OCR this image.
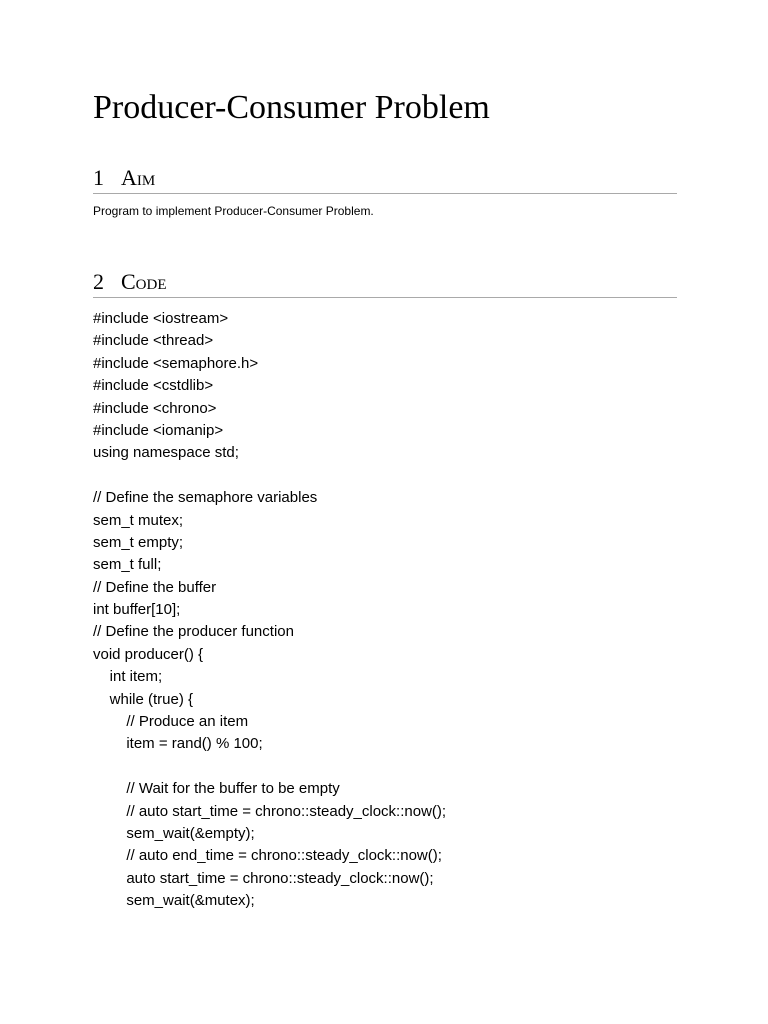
Producer-Consumer Problem
1 Aim

Program to implement Producer-Consumer Problem.

2 Code
#include <iostream>
#include <thread>
#include <semaphore.h>
#include <cstdlib>
#include <chrono>
#include <iomanip>
using namespace std;
// Define the semaphore variables
sem_t mutex;
sem_t empty;
sem_t full;
// Define the buffer
int buffer[10];
// Define the producer function
void producer() {
int item;
while (true) {
// Produce an item
item = rand() % 100;
// Wait for the buffer to be empty
// auto start_time = chrono::steady_clock::now();
sem_wait(&empty);
// auto end_time = chrono::steady_clock::now();
auto start_time = chrono::steady_clock::now();
sem_wait(&mutex);
